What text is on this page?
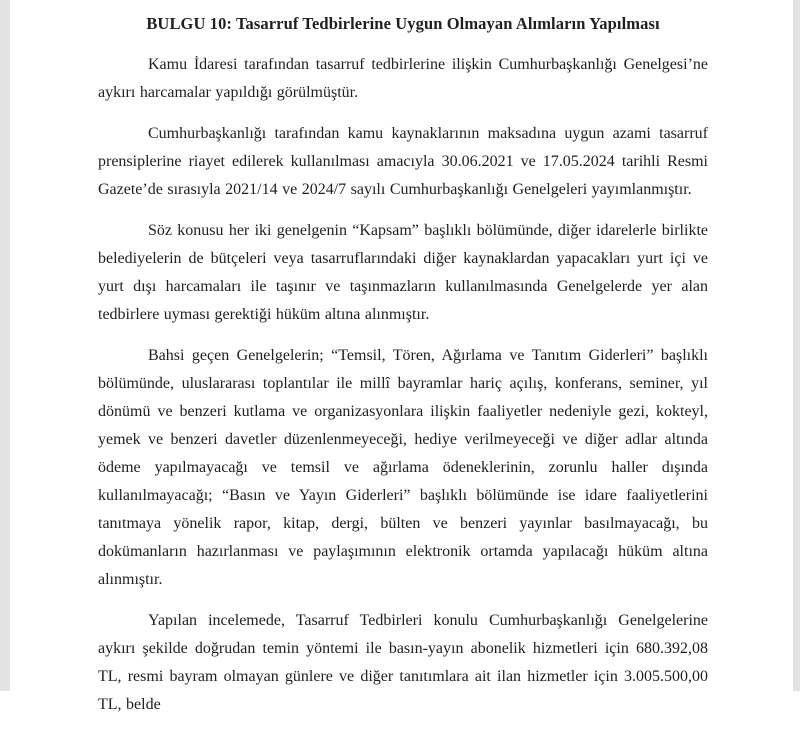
BULGU 10: Tasarruf Tedbirlerine Uygun Olmayan Alımların Yapılması

Kamu İdaresi tarafından tasarruf tedbirlerine ilişkin Cumhurbaşkanlığı Genelgesi’ne aykırı harcamalar yapıldığı görülmüştür.

Cumhurbaşkanlığı tarafından kamu kaynaklarının maksadına uygun azami tasarruf prensiplerine riayet edilerek kullanılması amacıyla 30.06.2021 ve 17.05.2024 tarihli Resmi Gazete’de sırasıyla 2021/14 ve 2024/7 sayılı Cumhurbaşkanlığı Genelgeleri yayımlanmıştır.

Söz konusu her iki genelgenin “Kapsam” başlıklı bölümünde, diğer idarelerle birlikte belediyelerin de bütçeleri veya tasarruflarındaki diğer kaynaklardan yapacakları yurt içi ve yurt dışı harcamaları ile taşınır ve taşınmazların kullanılmasında Genelgelerde yer alan tedbirlere uyması gerektiği hüküm altına alınmıştır.

Bahsi geçen Genelgelerin; “Temsil, Tören, Ağırlama ve Tanıtım Giderleri” başlıklı bölümünde, uluslararası toplantılar ile millî bayramlar hariç açılış, konferans, seminer, yıl dönümü ve benzeri kutlama ve organizasyonlara ilişkin faaliyetler nedeniyle gezi, kokteyl, yemek ve benzeri davetler düzenlenmeyeceği, hediye verilmeyeceği ve diğer adlar altında ödeme yapılmayacağı ve temsil ve ağırlama ödeneklerinin, zorunlu haller dışında kullanılmayacağı; “Basın ve Yayın Giderleri” başlıklı bölümünde ise idare faaliyetlerini tanıtmaya yönelik rapor, kitap, dergi, bülten ve benzeri yayınlar basılmayacağı, bu dokümanların hazırlanması ve paylaşımının elektronik ortamda yapılacağı hüküm altına alınmıştır.

Yapılan incelemede, Tasarruf Tedbirleri konulu Cumhurbaşkanlığı Genelgelerine aykırı şekilde doğrudan temin yöntemi ile basın-yayın abonelik hizmetleri için 680.392,08 TL, resmi bayram olmayan günlere ve diğer tanıtımlara ait ilan hizmetler için 3.005.500,00 TL, belde
